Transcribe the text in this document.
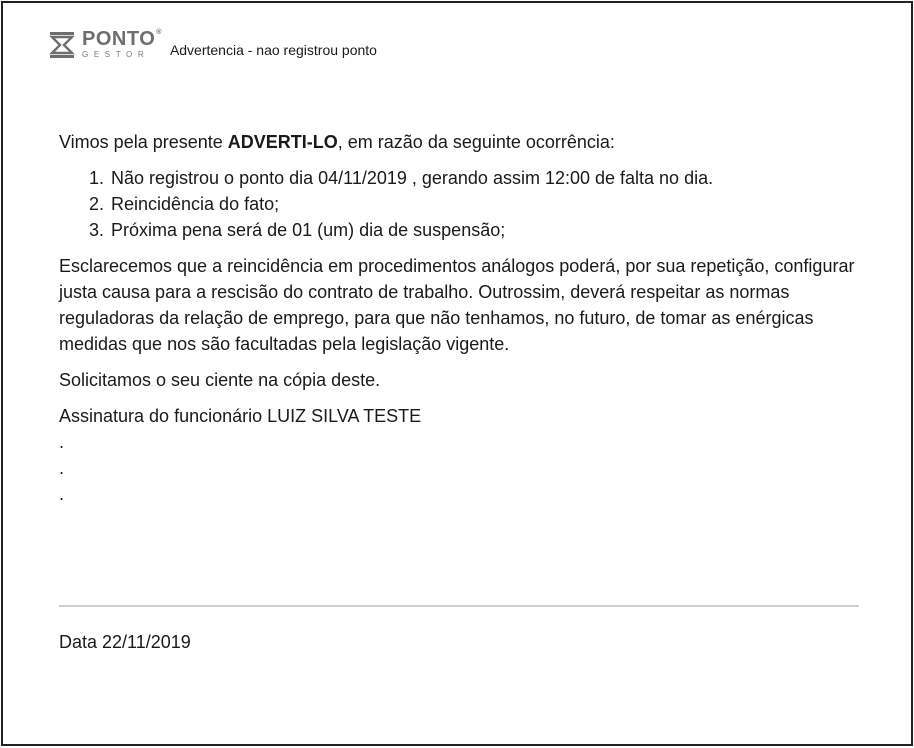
PONTO®
GESTOR	Advertencia - nao registrou ponto

Vimos pela presente ADVERTI-LO, em razão da seguinte ocorrência:

1. Não registrou o ponto dia 04/11/2019 , gerando assim 12:00 de falta no dia.
2. Reincidência do fato;
3. Próxima pena será de 01 (um) dia de suspensão;

Esclarecemos que a reincidência em procedimentos análogos poderá, por sua repetição, configurar justa causa para a rescisão do contrato de trabalho. Outrossim, deverá respeitar as normas reguladoras da relação de emprego, para que não tenhamos, no futuro, de tomar as enérgicas medidas que nos são facultadas pela legislação vigente.

Solicitamos o seu ciente na cópia deste.

Assinatura do funcionário LUIZ SILVA TESTE

.
.
.
Data 22/11/2019
